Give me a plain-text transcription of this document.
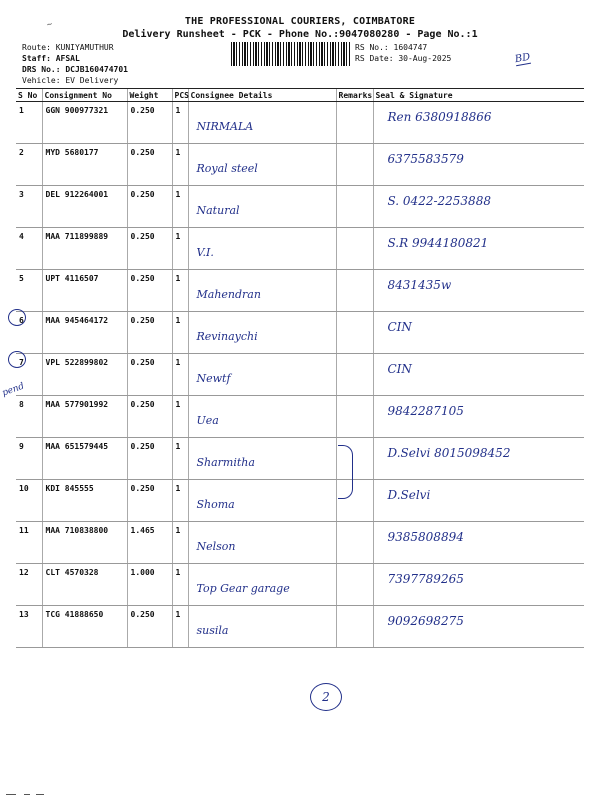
~	THE PROFESSIONAL COURIERS, COIMBATORE
Delivery Runsheet - PCK - Phone No.:9047080280 - Page No.:1
Route: KUNIYAMUTHUR
Staff: AFSAL
DRS No.: DCJB160474701
Vehicle: EV Delivery
RS No.: 1604747
RS Date: 30-Aug-2025	BD
S No	Consignment No	Weight	PCS	Consignee Details	Remarks	Seal & Signature
1	GGN 900977321	0.250	1	NIRMALA		Ren 6380918866

2	MYD 5680177	0.250	1	Royal steel		6375583579

3	DEL 912264001	0.250	1	Natural		S. 0422-2253888

4	MAA 711899889	0.250	1	V.I.		S.R 9944180821

5	UPT 4116507	0.250	1	Mahendran		8431435w

6	MAA 945464172	0.250	1	Revinaychi		CIN

7	VPL 522899802	0.250	1	Newtf		CIN

8	MAA 577901992	0.250	1	Uea		9842287105

9	MAA 651579445	0.250	1	Sharmitha		D.Selvi 8015098452

10	KDI 845555	0.250	1	Shoma		D.Selvi

11	MAA 710838800	1.465	1	Nelson		9385808894

12	CLT 4570328	1.000	1	Top Gear garage		7397789265

13	TCG 41888650	0.250	1	susila		9092698275
pend
2
